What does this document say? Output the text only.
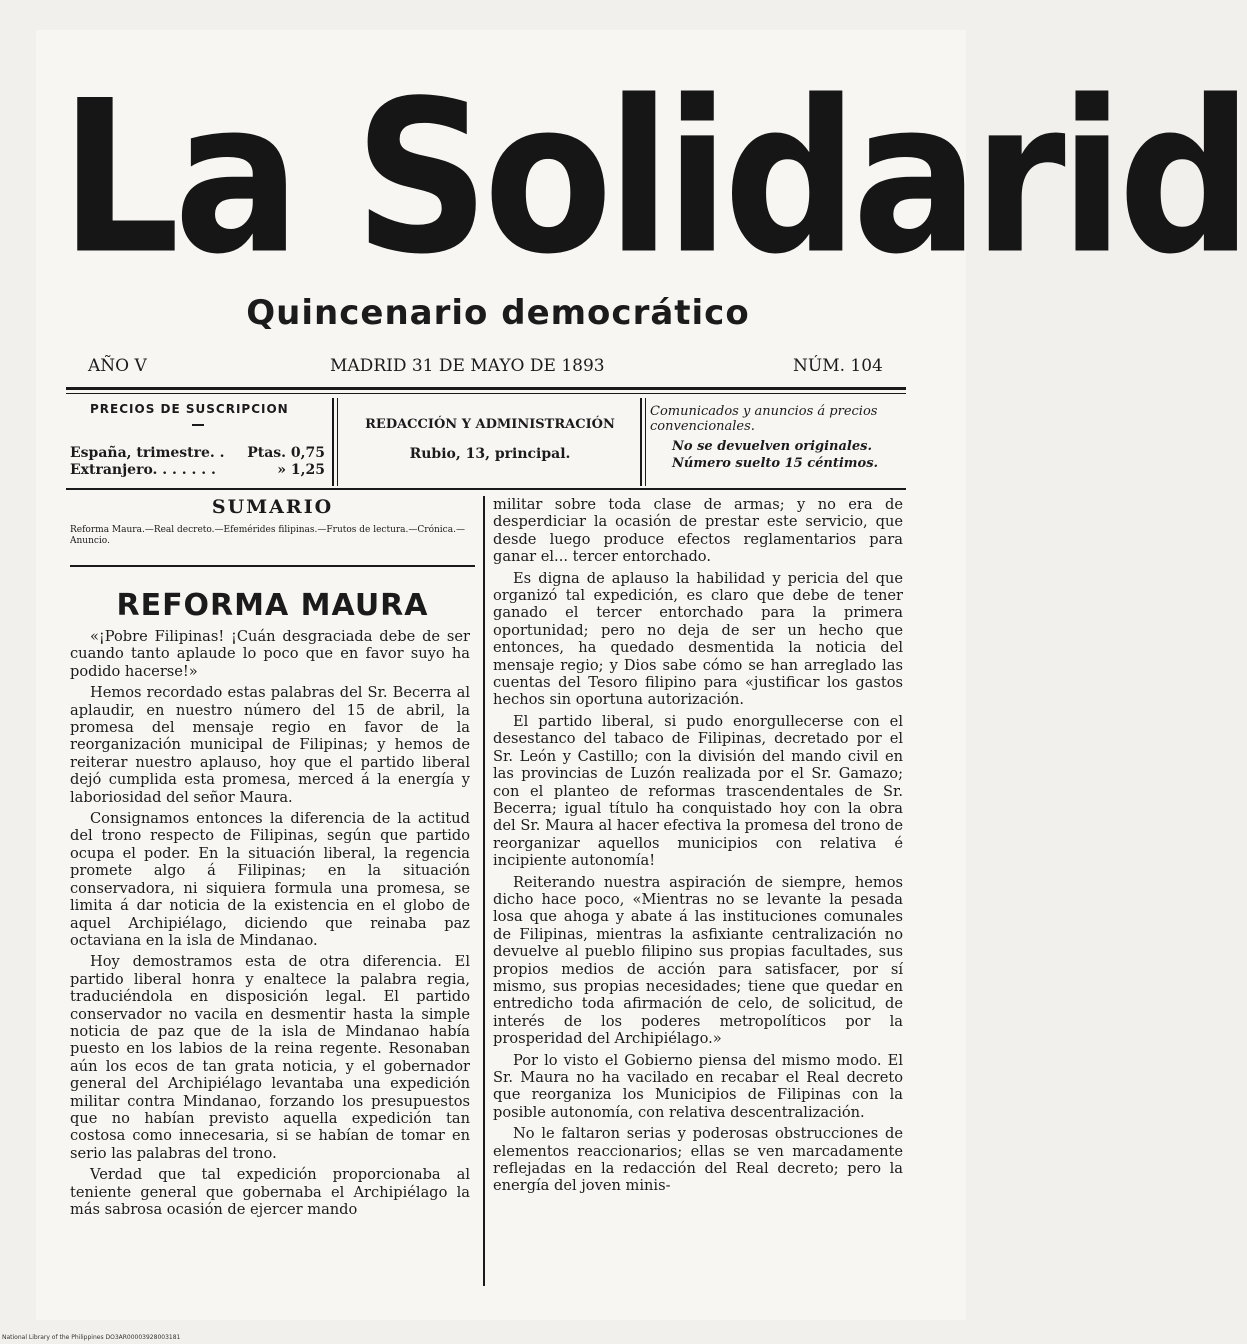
La Solidarid
Quincenario democrático
AÑO V	MADRID 31 DE MAYO DE 1893	NÚM. 104
PRECIOS DE SUSCRIPCION
España, trimestre. . Ptas. 0,75
Extranjero. . . . . . .	» 1,25
REDACCIÓN Y ADMINISTRACIÓN
Rubio, 13, principal.
Comunicados y anuncios á precios convencionales.
No se devuelven originales.
Número suelto 15 céntimos.
SUMARIO
Reforma Maura.—Real decreto.—Efemérides filipinas.—Frutos de lectura.—Crónica.—Anuncio.
REFORMA MAURA

«¡Pobre Filipinas! ¡Cuán desgraciada debe de ser cuando tanto aplaude lo poco que en favor suyo ha podido hacerse!»

Hemos recordado estas palabras del Sr. Becerra al aplaudir, en nuestro número del 15 de abril, la promesa del mensaje regio en favor de la reorganización municipal de Filipinas; y hemos de reiterar nuestro aplauso, hoy que el partido liberal dejó cumplida esta promesa, merced á la energía y laboriosidad del señor Maura.

Consignamos entonces la diferencia de la actitud del trono respecto de Filipinas, según que partido ocupa el poder. En la situación liberal, la regencia promete algo á Filipinas; en la situación conservadora, ni siquiera formula una promesa, se limita á dar noticia de la existencia en el globo de aquel Archipiélago, diciendo que reinaba paz octaviana en la isla de Mindanao.

Hoy demostramos esta de otra diferencia. El partido liberal honra y enaltece la palabra regia, traduciéndola en disposición legal. El partido conservador no vacila en desmentir hasta la simple noticia de paz que de la isla de Mindanao había puesto en los labios de la reina regente. Resonaban aún los ecos de tan grata noticia, y el gobernador general del Archipiélago levantaba una expedición militar contra Mindanao, forzando los presupuestos que no habían previsto aquella expedición tan costosa como innecesaria, si se habían de tomar en serio las palabras del trono.

Verdad que tal expedición proporcionaba al teniente general que gobernaba el Archipiélago la más sabrosa ocasión de ejercer mando

militar sobre toda clase de armas; y no era de desperdiciar la ocasión de prestar este servicio, que desde luego produce efectos reglamentarios para ganar el... tercer entorchado.

Es digna de aplauso la habilidad y pericia del que organizó tal expedición, es claro que debe de tener ganado el tercer entorchado para la primera oportunidad; pero no deja de ser un hecho que entonces, ha quedado desmentida la noticia del mensaje regio; y Dios sabe cómo se han arreglado las cuentas del Tesoro filipino para «justificar los gastos hechos sin oportuna autorización.

El partido liberal, si pudo enorgullecerse con el desestanco del tabaco de Filipinas, decretado por el Sr. León y Castillo; con la división del mando civil en las provincias de Luzón realizada por el Sr. Gamazo; con el planteo de reformas trascendentales de Sr. Becerra; igual título ha conquistado hoy con la obra del Sr. Maura al hacer efectiva la promesa del trono de reorganizar aquellos municipios con relativa é incipiente autonomía!

Reiterando nuestra aspiración de siempre, hemos dicho hace poco, «Mientras no se levante la pesada losa que ahoga y abate á las instituciones comunales de Filipinas, mientras la asfixiante centralización no devuelve al pueblo filipino sus propias facultades, sus propios medios de acción para satisfacer, por sí mismo, sus propias necesidades; tiene que quedar en entredicho toda afirmación de celo, de solicitud, de interés de los poderes metropolíticos por la prosperidad del Archipiélago.»

Por lo visto el Gobierno piensa del mismo modo. El Sr. Maura no ha vacilado en recabar el Real decreto que reorganiza los Municipios de Filipinas con la posible autonomía, con relativa descentralización.

No le faltaron serias y poderosas obstrucciones de elementos reaccionarios; ellas se ven marcadamente reflejadas en la redacción del Real decreto; pero la energía del joven minis-

National Library of the Philippines DO3AR00003928003181
